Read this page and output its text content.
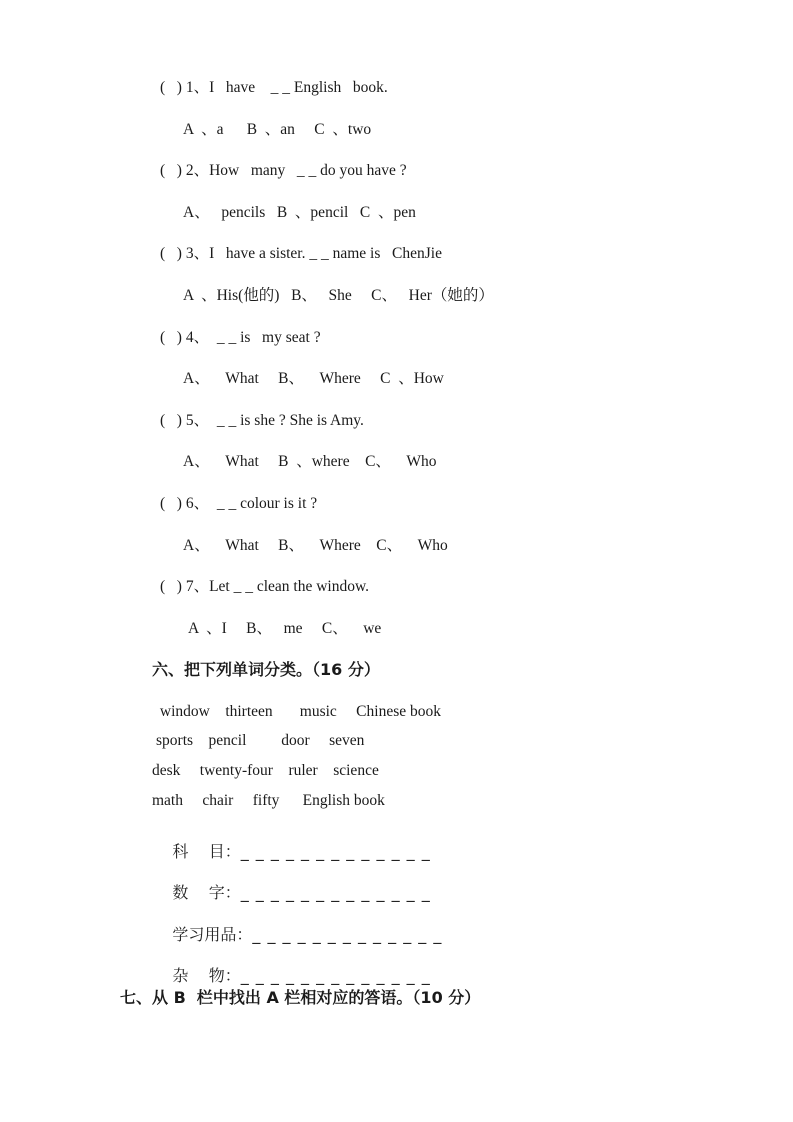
(   ) 1、I   have    _ _ English   book.
A  、a      B  、an     C  、two
(   ) 2、How   many   _ _ do you have ?
A、   pencils   B  、pencil   C  、pen
(   ) 3、I   have a sister. _ _ name is   ChenJie
A  、His(他的)   B、   She     C、   Her（她的）
(   ) 4、  _ _ is   my seat ?
A、    What     B、    Where     C  、How
(   ) 5、  _ _ is she ? She is Amy.
A、    What     B  、where    C、    Who
(   ) 6、  _ _ colour is it ?
A、    What     B、    Where    C、    Who
(   ) 7、Let _ _ clean the window.
A  、I     B、   me     C、    we
六、把下列单词分类。（16 分）
window    thirteen       music     Chinese book
sports    pencil         door     seven
desk     twenty-four    ruler    science
math     chair     fifty      English book

科    目：_ _ _ _ _ _ _ _ _ _ _ _ _

数    字：_ _ _ _ _ _ _ _ _ _ _ _ _

学习用品：_ _ _ _ _ _ _ _ _ _ _ _ _

杂    物：_ _ _ _ _ _ _ _ _ _ _ _ _

七、从 B  栏中找出 A 栏相对应的答语。（10 分）
